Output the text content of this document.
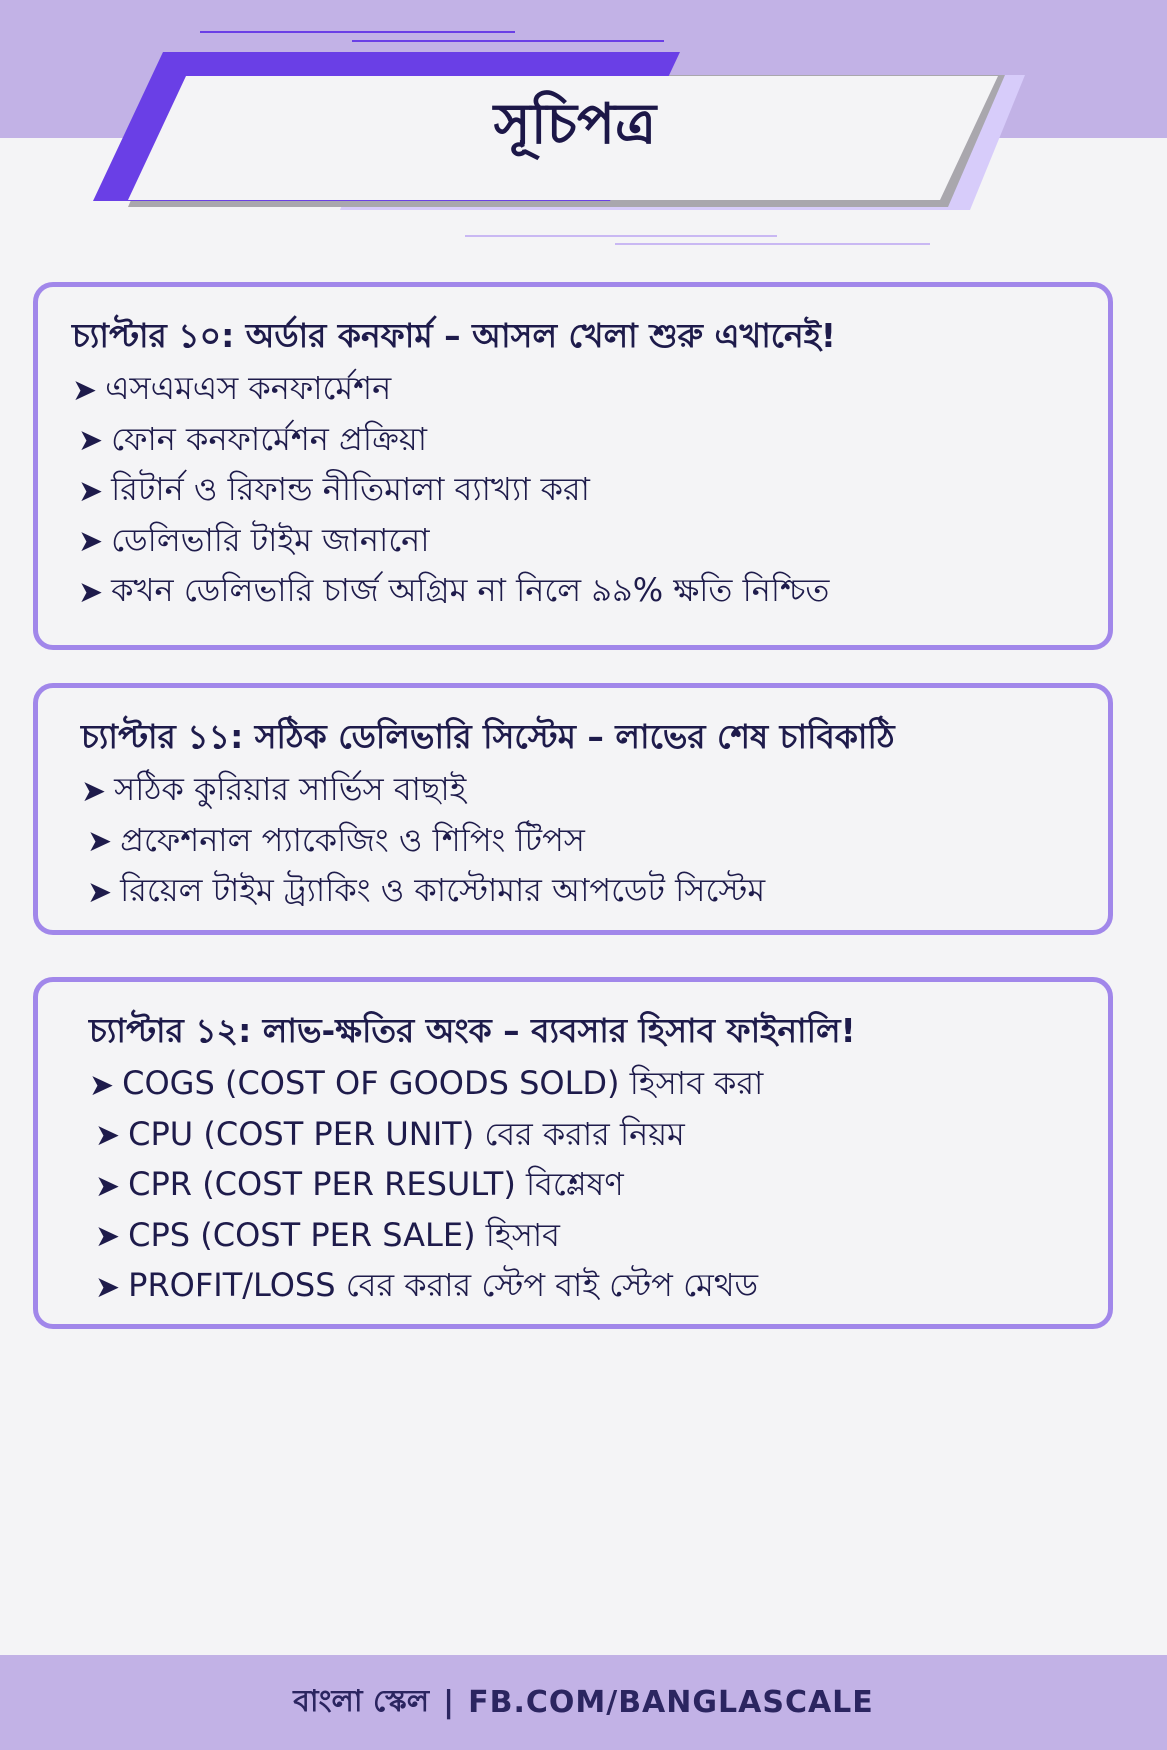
সূচিপত্র
চ্যাপ্টার ১০: অর্ডার কনফার্ম – আসল খেলা শুরু এখানেই!
➤ এসএমএস কনফার্মেশন
➤ ফোন কনফার্মেশন প্রক্রিয়া
➤ রিটার্ন ও রিফান্ড নীতিমালা ব্যাখ্যা করা
➤ ডেলিভারি টাইম জানানো
➤ কখন ডেলিভারি চার্জ অগ্রিম না নিলে ৯৯% ক্ষতি নিশ্চিত
চ্যাপ্টার ১১: সঠিক ডেলিভারি সিস্টেম – লাভের শেষ চাবিকাঠি
➤ সঠিক কুরিয়ার সার্ভিস বাছাই
➤ প্রফেশনাল প্যাকেজিং ও শিপিং টিপস
➤ রিয়েল টাইম ট্র্যাকিং ও কাস্টোমার আপডেট সিস্টেম
চ্যাপ্টার ১২: লাভ-ক্ষতির অংক – ব্যবসার হিসাব ফাইনালি!
➤ COGS (COST OF GOODS SOLD) হিসাব করা
➤ CPU (COST PER UNIT) বের করার নিয়ম
➤ CPR (COST PER RESULT) বিশ্লেষণ
➤ CPS (COST PER SALE) হিসাব
➤ PROFIT/LOSS বের করার স্টেপ বাই স্টেপ মেথড
বাংলা স্কেল | FB.COM/BANGLASCALE
